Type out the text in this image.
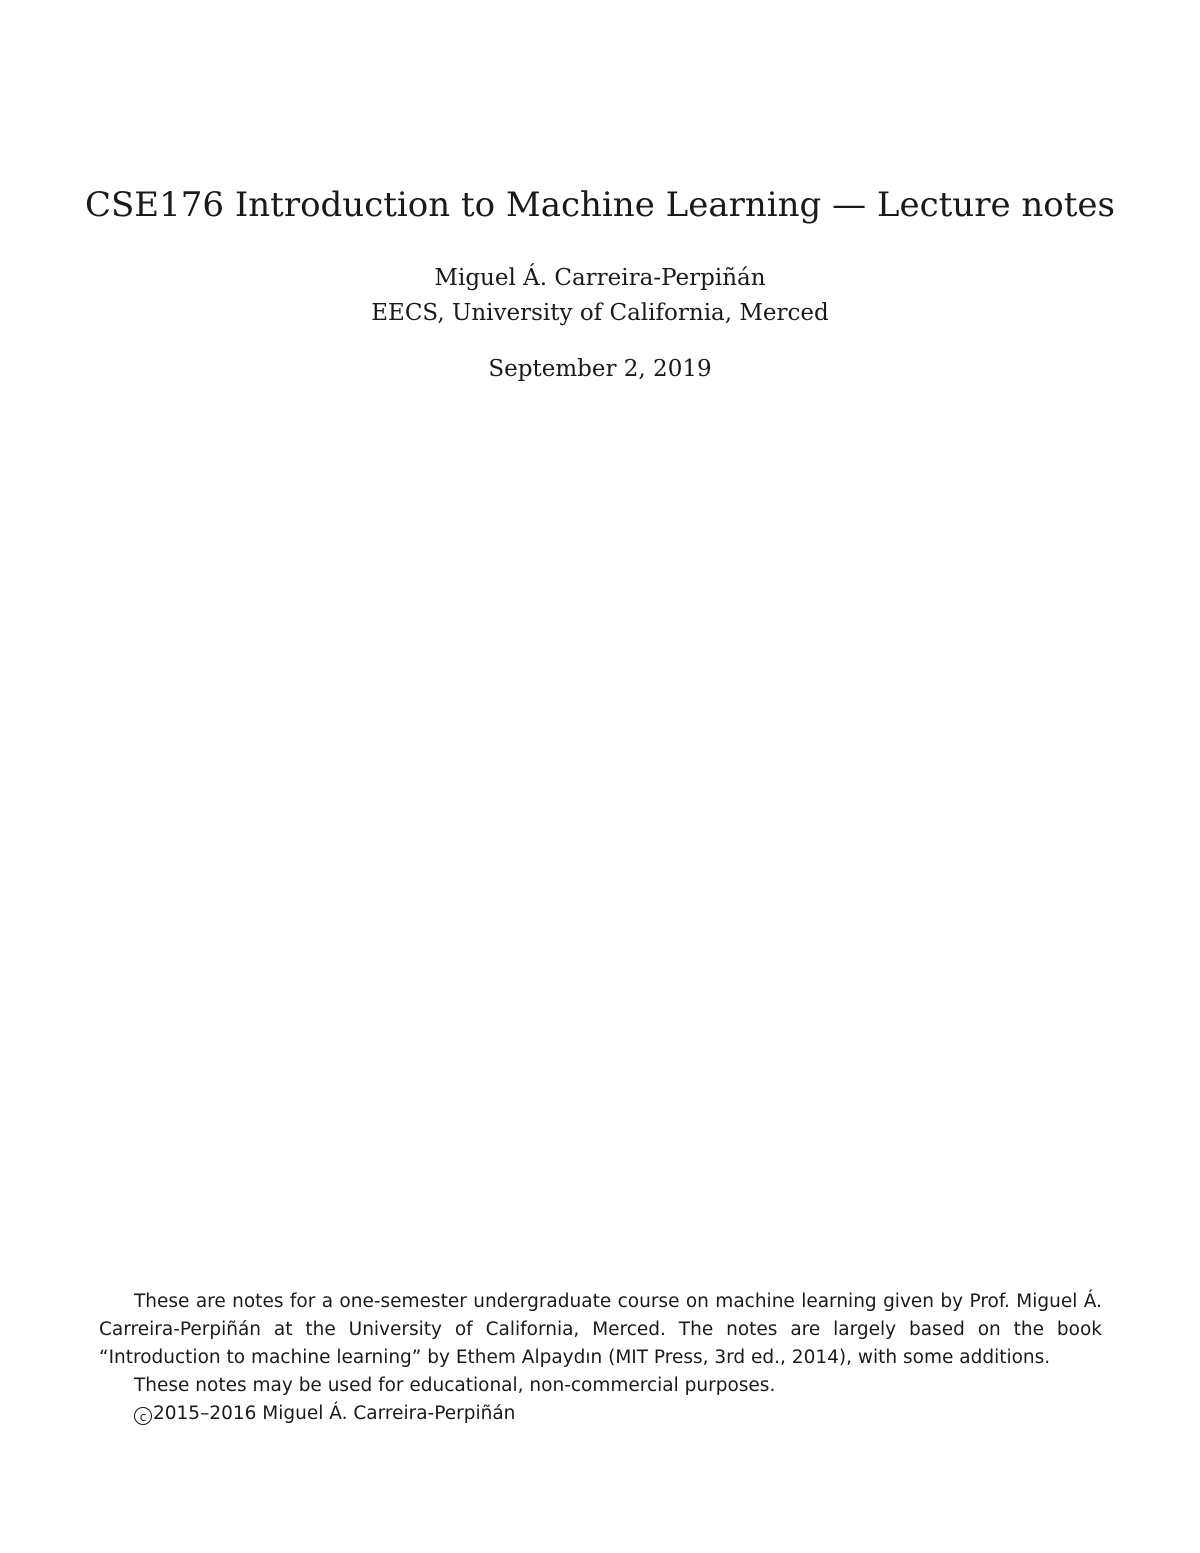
CSE176 Introduction to Machine Learning — Lecture notes
Miguel Á. Carreira-Perpiñán
EECS, University of California, Merced
September 2, 2019

These are notes for a one-semester undergraduate course on machine learning given by Prof. Miguel Á. Carreira-Perpiñán at the University of California, Merced. The notes are largely based on the book “Introduction to machine learning” by Ethem Alpaydın (MIT Press, 3rd ed., 2014), with some additions.

These notes may be used for educational, non-commercial purposes.

c 2015–2016 Miguel Á. Carreira-Perpiñán
